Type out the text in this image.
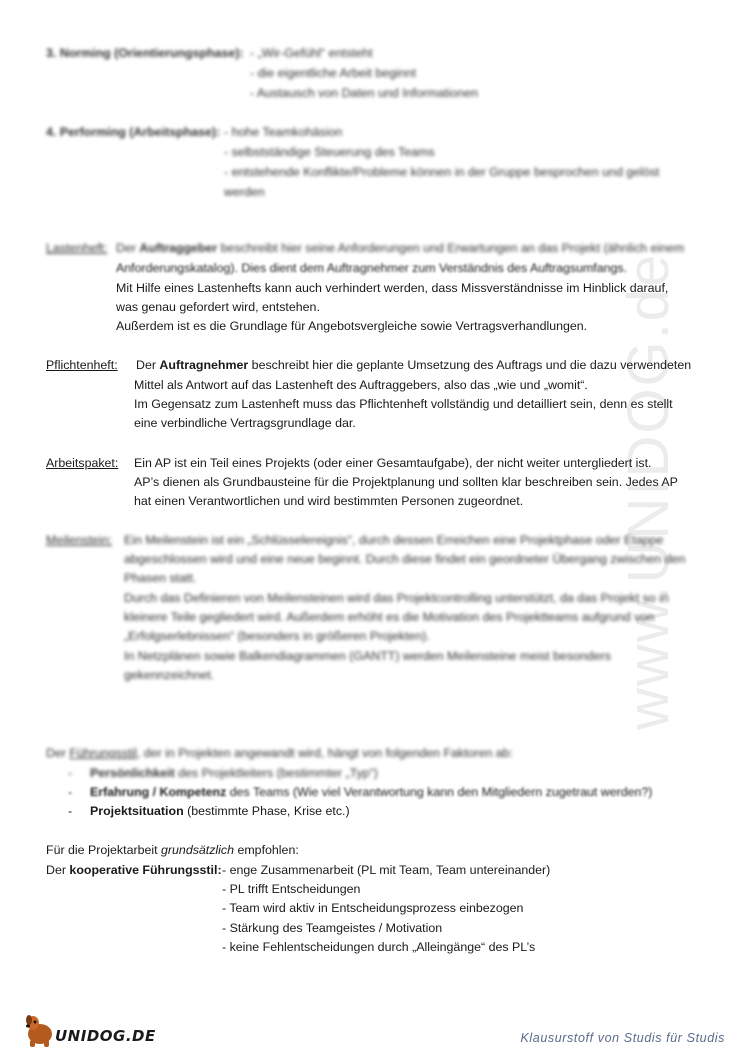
www.UNIDOG.de
3. Norming (Orientierungsphase): - „Wir-Gefühl“ entsteht
- die eigentliche Arbeit beginnt
- Austausch von Daten und Informationen
4. Performing (Arbeitsphase): - hohe Teamkohäsion
- selbstständige Steuerung des Teams
- entstehende Konflikte/Probleme können in der Gruppe besprochen und gelöst
werden
Lastenheft: Der Auftraggeber beschreibt hier seine Anforderungen und Erwartungen an das Projekt (ähnlich einem
Anforderungskatalog). Dies dient dem Auftragnehmer zum Verständnis des Auftragsumfangs.
Mit Hilfe eines Lastenhefts kann auch verhindert werden, dass Missverständnisse im Hinblick darauf,
was genau gefordert wird, entstehen.
Außerdem ist es die Grundlage für Angebotsvergleiche sowie Vertragsverhandlungen.
Pflichtenheft: Der Auftragnehmer beschreibt hier die geplante Umsetzung des Auftrags und die dazu verwendeten
Mittel als Antwort auf das Lastenheft des Auftraggebers, also das „wie und „womit“.
Im Gegensatz zum Lastenheft muss das Pflichtenheft vollständig und detailliert sein, denn es stellt
eine verbindliche Vertragsgrundlage dar.
Arbeitspaket: Ein AP ist ein Teil eines Projekts (oder einer Gesamtaufgabe), der nicht weiter untergliedert ist.
AP’s dienen als Grundbausteine für die Projektplanung und sollten klar beschreiben sein. Jedes AP
hat einen Verantwortlichen und wird bestimmten Personen zugeordnet.
Meilenstein: Ein Meilenstein ist ein „Schlüsselereignis“, durch dessen Erreichen eine Projektphase oder Etappe
abgeschlossen wird und eine neue beginnt. Durch diese findet ein geordneter Übergang zwischen den
Phasen statt.
Durch das Definieren von Meilensteinen wird das Projektcontrolling unterstützt, da das Projekt so in
kleinere Teile gegliedert wird. Außerdem erhöht es die Motivation des Projektteams aufgrund von
„Erfolgserlebnissen“ (besonders in größeren Projekten).
In Netzplänen sowie Balkendiagrammen (GANTT) werden Meilensteine meist besonders
gekennzeichnet.
Der Führungsstil, der in Projekten angewandt wird, hängt von folgenden Faktoren ab:
- Persönlichkeit des Projektleiters (bestimmter „Typ“)
- Erfahrung / Kompetenz des Teams (Wie viel Verantwortung kann den Mitgliedern zugetraut werden?)
- Projektsituation (bestimmte Phase, Krise etc.)
Für die Projektarbeit grundsätzlich empfohlen:
Der kooperative Führungsstil: - enge Zusammenarbeit (PL mit Team, Team untereinander)
- PL trifft Entscheidungen
- Team wird aktiv in Entscheidungsprozess einbezogen
- Stärkung des Teamgeistes / Motivation
- keine Fehlentscheidungen durch „Alleingänge“ des PL’s
UNIDOG.DE	Klausurstoff von Studis für Studis
